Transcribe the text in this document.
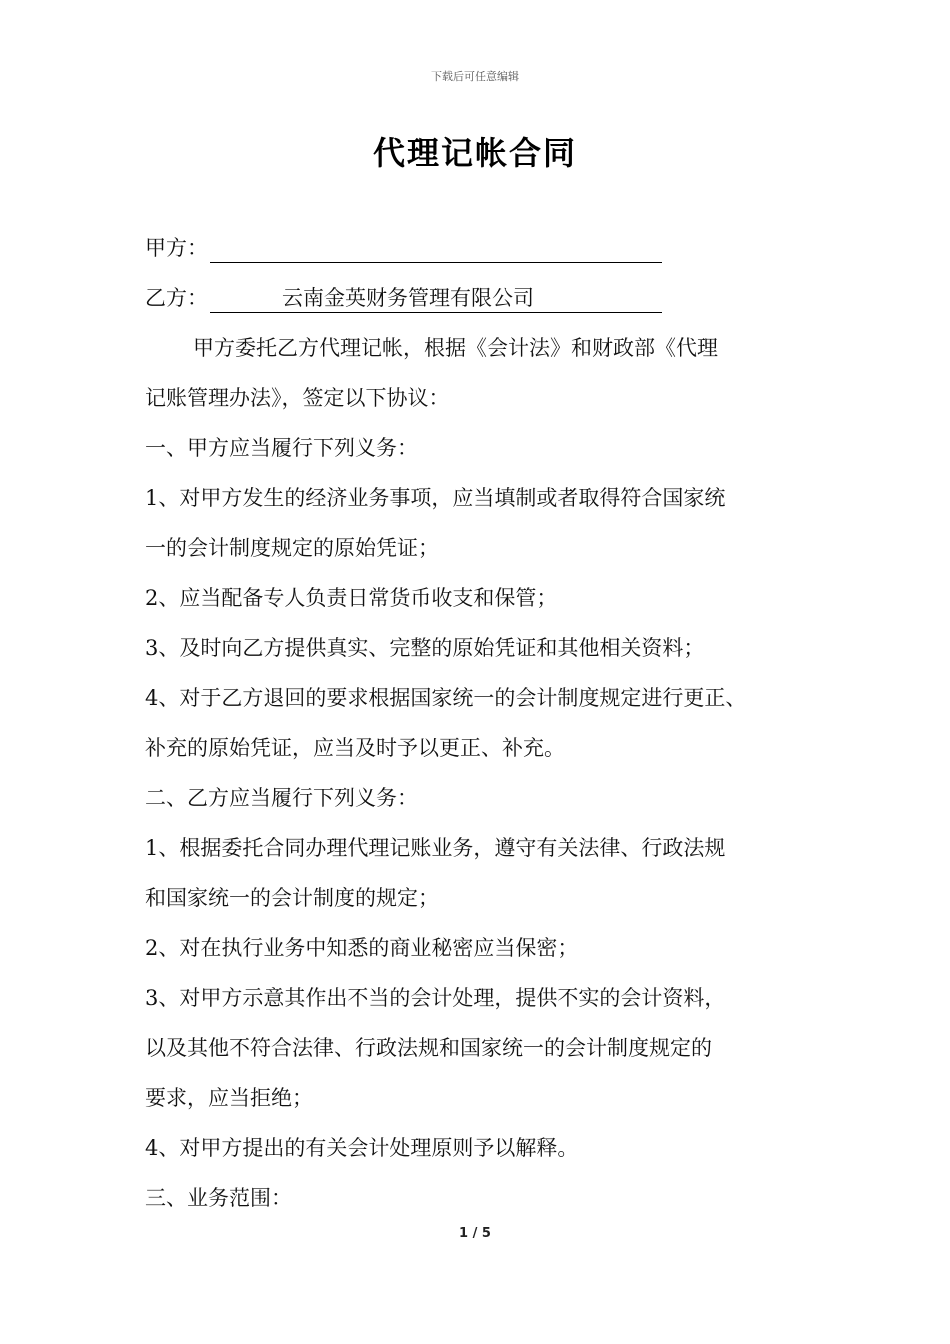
下载后可任意编辑
代理记帐合同
甲方：
乙方：	云南金英财务管理有限公司
甲方委托乙方代理记帐，根据《会计法》和财政部《代理
记账管理办法》，签定以下协议：
一、甲方应当履行下列义务：
1、对甲方发生的经济业务事项，应当填制或者取得符合国家统
一的会计制度规定的原始凭证；
2、应当配备专人负责日常货币收支和保管；
3、及时向乙方提供真实、完整的原始凭证和其他相关资料；
4、对于乙方退回的要求根据国家统一的会计制度规定进行更正、
补充的原始凭证，应当及时予以更正、补充。
二、乙方应当履行下列义务：
1、根据委托合同办理代理记账业务，遵守有关法律、行政法规
和国家统一的会计制度的规定；
2、对在执行业务中知悉的商业秘密应当保密；
3、对甲方示意其作出不当的会计处理，提供不实的会计资料，
以及其他不符合法律、行政法规和国家统一的会计制度规定的
要求，应当拒绝；
4、对甲方提出的有关会计处理原则予以解释。
三、业务范围：
1 / 5
